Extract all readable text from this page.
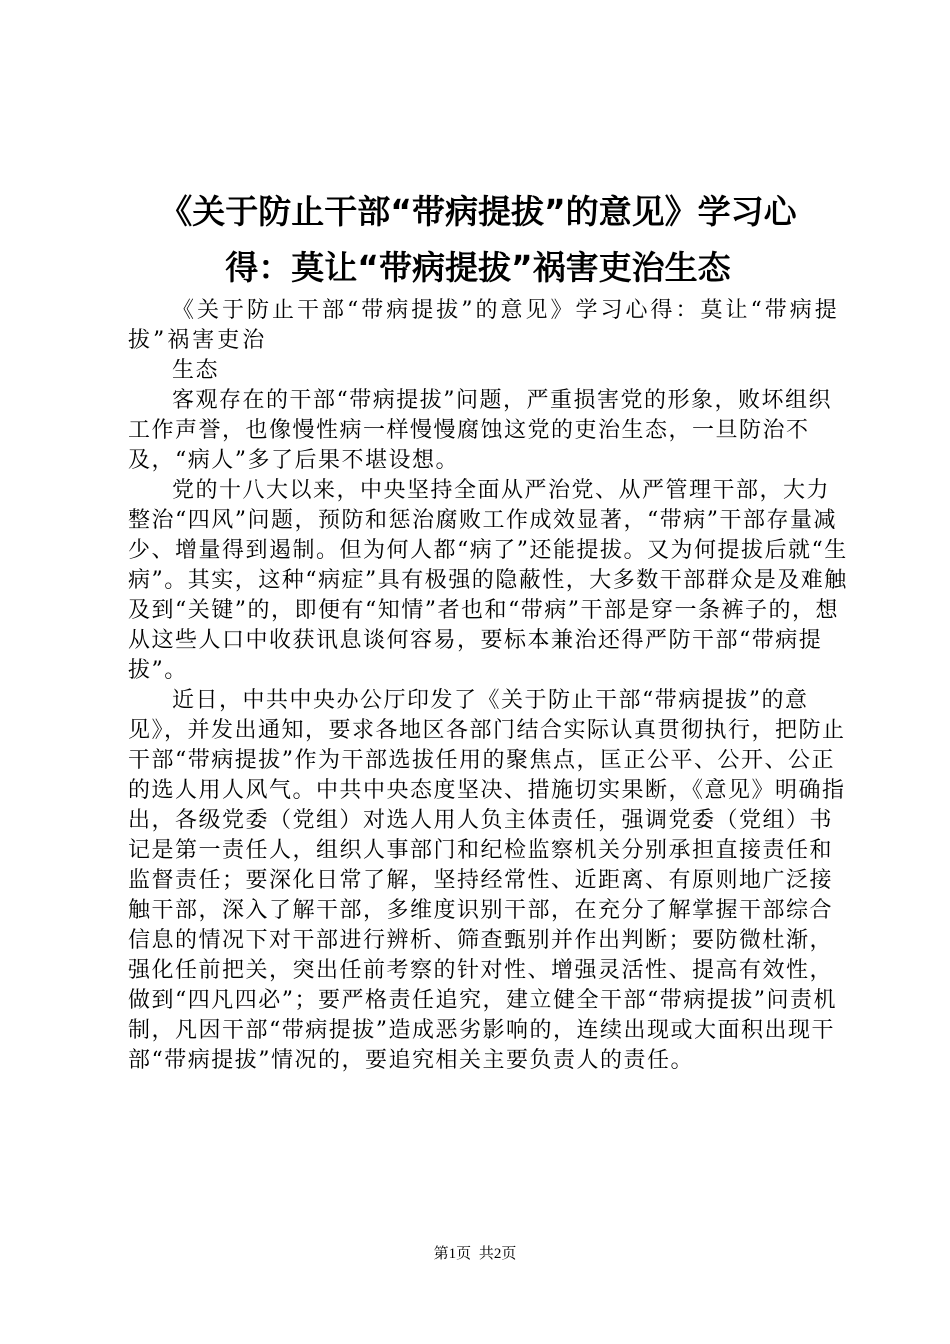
《关于防止干部“带病提拔”的意见》学习心
得：莫让“带病提拔”祸害吏治生态

《关于防止干部“带病提拔”的意见》学习心得：莫让“带病提拔”祸害吏治

生态

客观存在的干部“带病提拔”问题，严重损害党的形象，败坏组织工作声誉，也像慢性病一样慢慢腐蚀这党的吏治生态，一旦防治不及，“病人”多了后果不堪设想。

党的十八大以来，中央坚持全面从严治党、从严管理干部，大力整治“四风”问题，预防和惩治腐败工作成效显著，“带病”干部存量减少、增量得到遏制。但为何人都“病了”还能提拔。又为何提拔后就“生病”。其实，这种“病症”具有极强的隐蔽性，大多数干部群众是及难触及到“关键”的，即便有“知情”者也和“带病”干部是穿一条裤子的，想从这些人口中收获讯息谈何容易，要标本兼治还得严防干部“带病提拔”。

近日，中共中央办公厅印发了《关于防止干部“带病提拔”的意见》，并发出通知，要求各地区各部门结合实际认真贯彻执行，把防止干部“带病提拔”作为干部选拔任用的聚焦点，匡正公平、公开、公正的选人用人风气。中共中央态度坚决、措施切实果断，《意见》明确指出，各级党委（党组）对选人用人负主体责任，强调党委（党组）书记是第一责任人，组织人事部门和纪检监察机关分别承担直接责任和监督责任；要深化日常了解，坚持经常性、近距离、有原则地广泛接触干部，深入了解干部，多维度识别干部，在充分了解掌握干部综合信息的情况下对干部进行辨析、筛查甄别并作出判断；要防微杜渐，强化任前把关，突出任前考察的针对性、增强灵活性、提高有效性，做到“四凡四必”；要严格责任追究，建立健全干部“带病提拔”问责机制，凡因干部“带病提拔”造成恶劣影响的，连续出现或大面积出现干部“带病提拔”情况的，要追究相关主要负责人的责任。

第1页 共2页
